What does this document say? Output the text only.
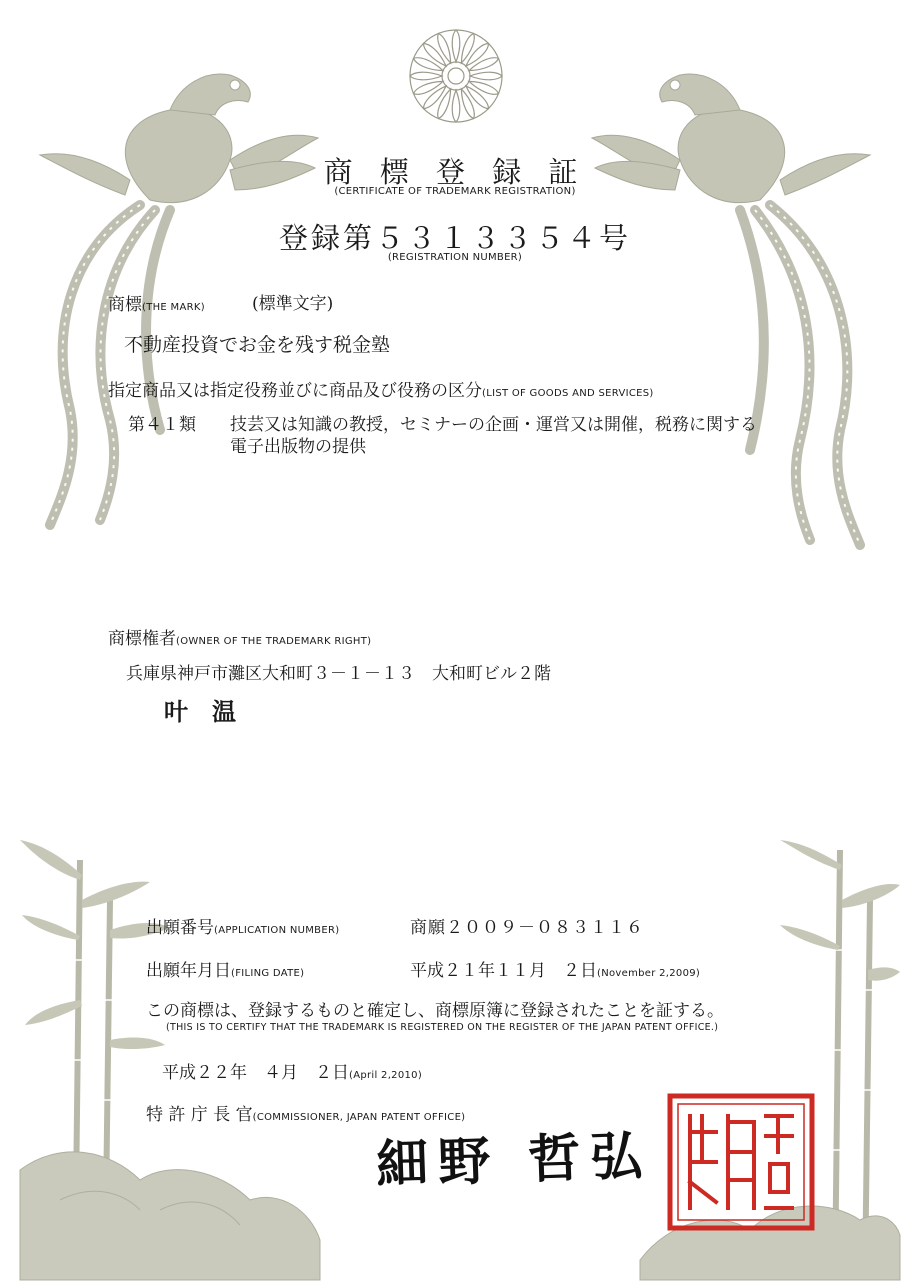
商 標 登 録 証
(CERTIFICATE OF TRADEMARK REGISTRATION)
登録第５３１３３５４号
(REGISTRATION NUMBER)
商標(THE MARK)	(標準文字)
不動産投資でお金を残す税金塾
指定商品又は指定役務並びに商品及び役務の区分(LIST OF GOODS AND SERVICES)
第４１類 技芸又は知識の教授，セミナーの企画・運営又は開催，税務に関する
電子出版物の提供
商標権者(OWNER OF THE TRADEMARK RIGHT)
兵庫県神戸市灘区大和町３－１－１３　大和町ビル２階
叶　温
出願番号(APPLICATION NUMBER)	商願２００９－０８３１１６
出願年月日(FILING DATE)	平成２１年１１月　２日(November 2,2009)
この商標は、登録するものと確定し、商標原簿に登録されたことを証する。
(THIS IS TO CERTIFY THAT THE TRADEMARK IS REGISTERED ON THE REGISTER OF THE JAPAN PATENT OFFICE.)
平成２２年　４月　２日(April 2,2010)
特 許 庁 長 官(COMMISSIONER, JAPAN PATENT OFFICE)
細野 哲弘
